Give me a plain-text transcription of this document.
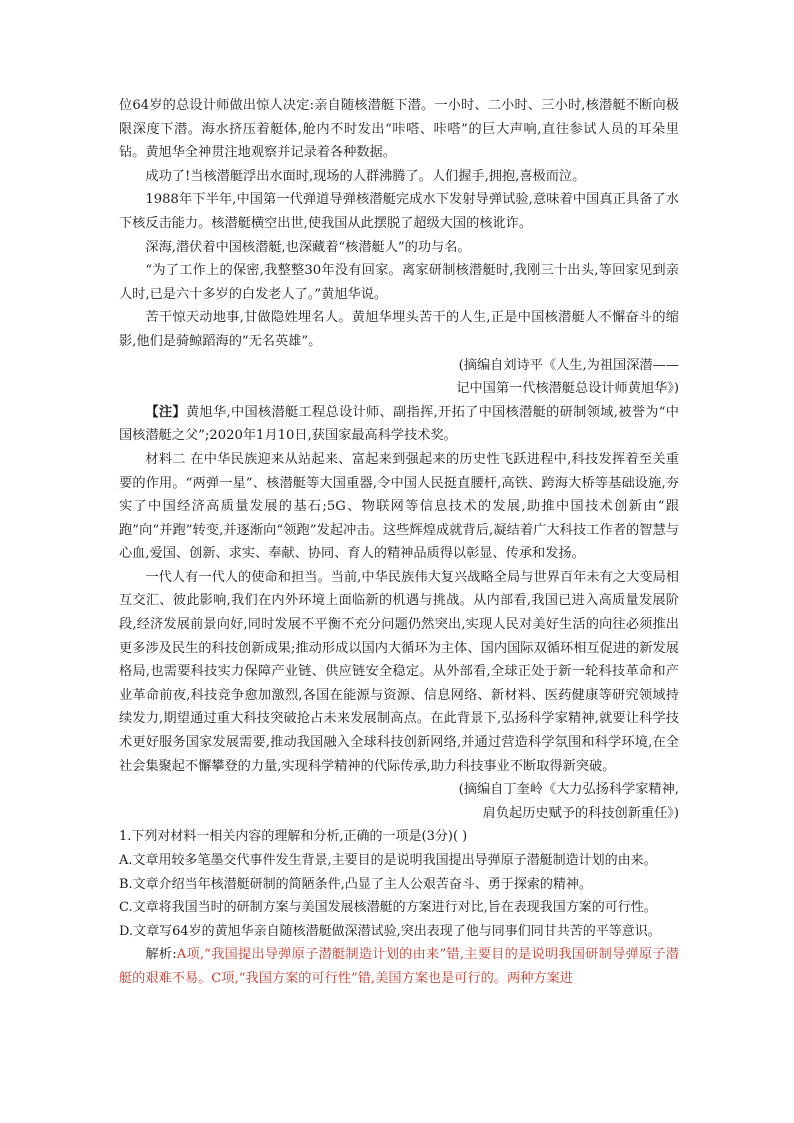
位64岁的总设计师做出惊人决定:亲自随核潜艇下潜。一小时、二小时、三小时,核潜艇不断向极限深度下潜。海水挤压着艇体,舱内不时发出“咔嗒、咔嗒”的巨大声响,直往参试人员的耳朵里钻。黄旭华全神贯注地观察并记录着各种数据。

成功了!当核潜艇浮出水面时,现场的人群沸腾了。人们握手,拥抱,喜极而泣。

1988年下半年,中国第一代弹道导弹核潜艇完成水下发射导弹试验,意味着中国真正具备了水下核反击能力。核潜艇横空出世,使我国从此摆脱了超级大国的核讹诈。

深海,潜伏着中国核潜艇,也深藏着“核潜艇人”的功与名。

“为了工作上的保密,我整整30年没有回家。离家研制核潜艇时,我刚三十出头,等回家见到亲人时,已是六十多岁的白发老人了。”黄旭华说。

苦干惊天动地事,甘做隐姓埋名人。黄旭华埋头苦干的人生,正是中国核潜艇人不懈奋斗的缩影,他们是骑鲸蹈海的“无名英雄”。

(摘编自刘诗平《人生,为祖国深潜——
记中国第一代核潜艇总设计师黄旭华》)

【注】黄旭华,中国核潜艇工程总设计师、副指挥,开拓了中国核潜艇的研制领域,被誉为“中国核潜艇之父”;2020年1月10日,获国家最高科学技术奖。

材料二 在中华民族迎来从站起来、富起来到强起来的历史性飞跃进程中,科技发挥着至关重要的作用。“两弹一星”、核潜艇等大国重器,令中国人民挺直腰杆,高铁、跨海大桥等基础设施,夯实了中国经济高质量发展的基石;5G、物联网等信息技术的发展,助推中国技术创新由“跟跑”向“并跑”转变,并逐渐向“领跑”发起冲击。这些辉煌成就背后,凝结着广大科技工作者的智慧与心血,爱国、创新、求实、奉献、协同、育人的精神品质得以彰显、传承和发扬。

一代人有一代人的使命和担当。当前,中华民族伟大复兴战略全局与世界百年未有之大变局相互交汇、彼此影响,我们在内外环境上面临新的机遇与挑战。从内部看,我国已进入高质量发展阶段,经济发展前景向好,同时发展不平衡不充分问题仍然突出,实现人民对美好生活的向往必须推出更多涉及民生的科技创新成果;推动形成以国内大循环为主体、国内国际双循环相互促进的新发展格局,也需要科技实力保障产业链、供应链安全稳定。从外部看,全球正处于新一轮科技革命和产业革命前夜,科技竞争愈加激烈,各国在能源与资源、信息网络、新材料、医药健康等研究领域持续发力,期望通过重大科技突破抢占未来发展制高点。在此背景下,弘扬科学家精神,就要让科学技术更好服务国家发展需要,推动我国融入全球科技创新网络,并通过营造科学氛围和科学环境,在全社会集聚起不懈攀登的力量,实现科学精神的代际传承,助力科技事业不断取得新突破。

(摘编自丁奎岭《大力弘扬科学家精神,
肩负起历史赋予的科技创新重任》)

1.下列对材料一相关内容的理解和分析,正确的一项是(3分)( )

A.文章用较多笔墨交代事件发生背景,主要目的是说明我国提出导弹原子潜艇制造计划的由来。

B.文章介绍当年核潜艇研制的简陋条件,凸显了主人公艰苦奋斗、勇于探索的精神。

C.文章将我国当时的研制方案与美国发展核潜艇的方案进行对比,旨在表现我国方案的可行性。

D.文章写64岁的黄旭华亲自随核潜艇做深潜试验,突出表现了他与同事们同甘共苦的平等意识。

解析:A项,“我国提出导弹原子潜艇制造计划的由来”错,主要目的是说明我国研制导弹原子潜艇的艰难不易。C项,“我国方案的可行性”错,美国方案也是可行的。两种方案进
